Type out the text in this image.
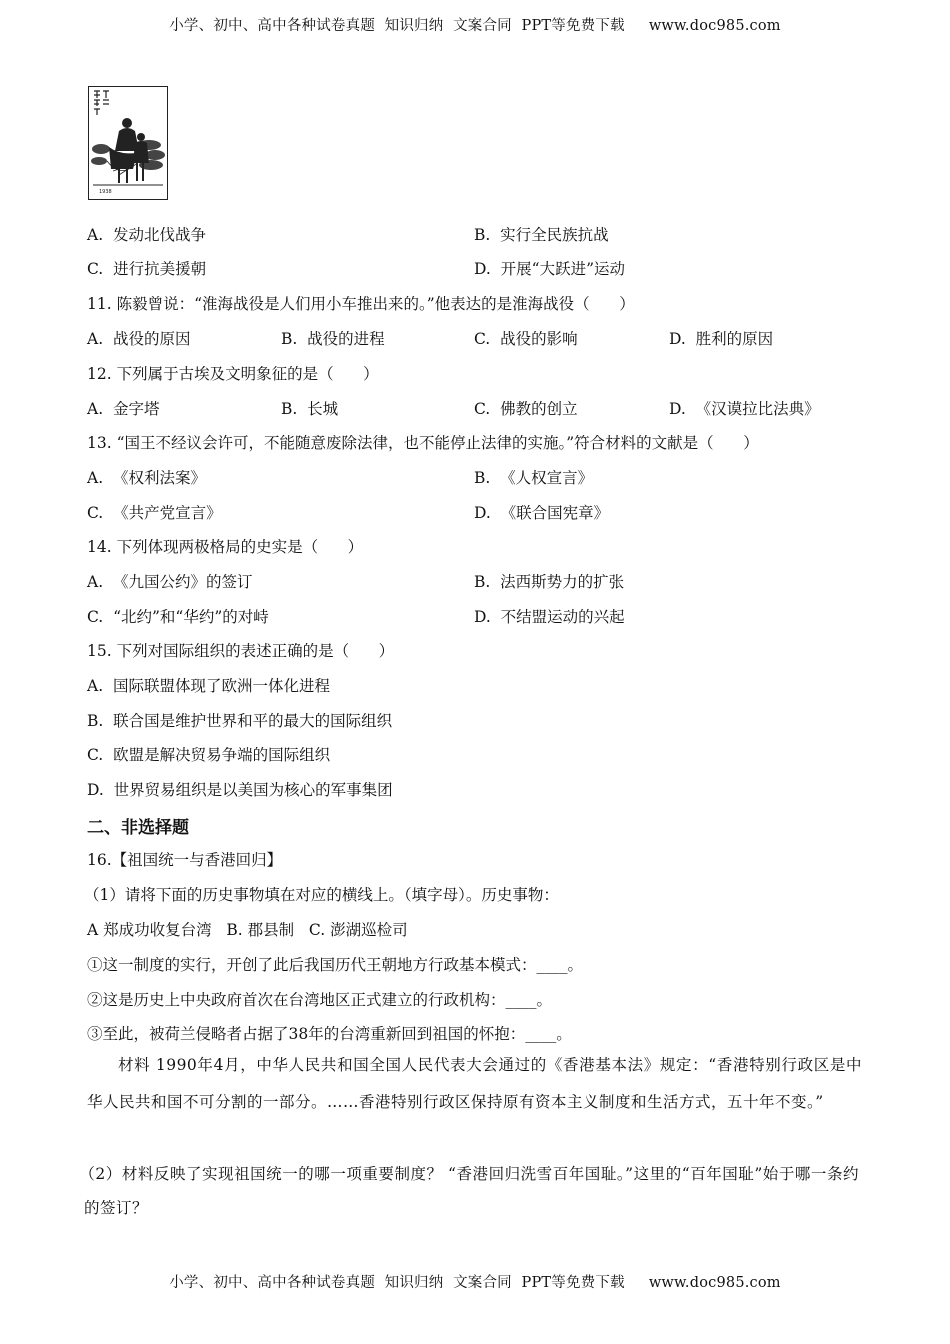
小学、初中、高中各种试卷真题  知识归纳  文案合同  PPT等免费下载     www.doc985.com
1938
A.  发动北伐战争	B.  实行全民族抗战
C.  进行抗美援朝	D.  开展“大跃进”运动
11. 陈毅曾说：“淮海战役是人们用小车推出来的。”他表达的是淮海战役（      ）
A.  战役的原因	B.  战役的进程	C.  战役的影响	D.  胜利的原因
12. 下列属于古埃及文明象征的是（      ）
A.  金字塔	B.  长城	C.  佛教的创立	D.  《汉谟拉比法典》
13. “国王不经议会许可，不能随意废除法律，也不能停止法律的实施。”符合材料的文献是（      ）
A.  《权利法案》	B.  《人权宣言》
C.  《共产党宣言》	D.  《联合国宪章》
14. 下列体现两极格局的史实是（      ）
A.  《九国公约》的签订	B.  法西斯势力的扩张
C.  “北约”和“华约”的对峙	D.  不结盟运动的兴起
15. 下列对国际组织的表述正确的是（      ）
A.  国际联盟体现了欧洲一体化进程
B.  联合国是维护世界和平的最大的国际组织
C.  欧盟是解决贸易争端的国际组织
D.  世界贸易组织是以美国为核心的军事集团
二、非选择题
16.【祖国统一与香港回归】
（1）请将下面的历史事物填在对应的横线上。（填字母）。历史事物：
A 郑成功收复台湾   B. 郡县制   C. 澎湖巡检司
①这一制度的实行，开创了此后我国历代王朝地方行政基本模式：____。
②这是历史上中央政府首次在台湾地区正式建立的行政机构：____。
③至此，被荷兰侵略者占据了38年的台湾重新回到祖国的怀抱：____。
材料 1990年4月，中华人民共和国全国人民代表大会通过的《香港基本法》规定：“香港特别行政区是中华人民共和国不可分割的一部分。……香港特别行政区保持原有资本主义制度和生活方式，五十年不变。”
（2）材料反映了实现祖国统一的哪一项重要制度？ “香港回归洗雪百年国耻。”这里的“百年国耻”始于哪一条约的签订？
小学、初中、高中各种试卷真题  知识归纳  文案合同  PPT等免费下载     www.doc985.com
